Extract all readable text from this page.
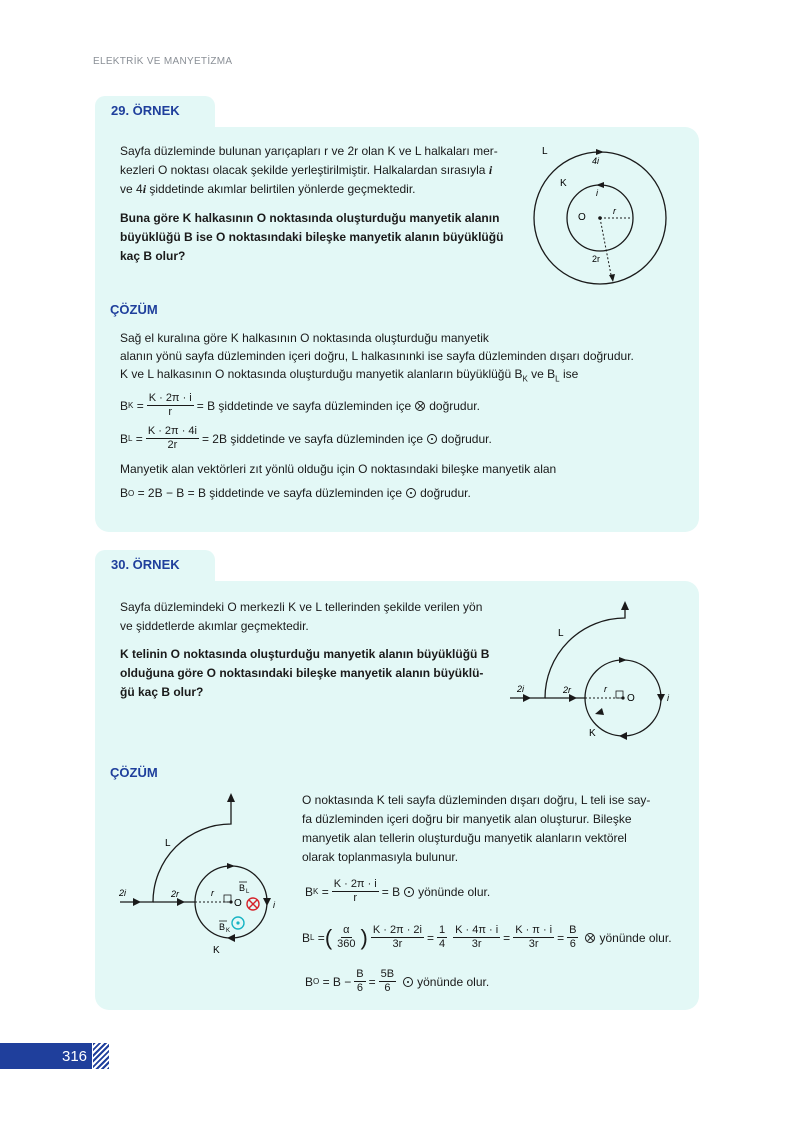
ELEKTRİK VE MANYETİZMA
29. ÖRNEK

Sayfa düzleminde bulunan yarıçapları r ve 2r olan K ve L halkaları mer-

kezleri O noktası olacak şekilde yerleştirilmiştir. Halkalardan sırasıyla i

ve 4i şiddetinde akımlar belirtilen yönlerde geçmektedir.

Buna göre K halkasının O noktasında oluşturduğu manyetik alanın

büyüklüğü B ise O noktasındaki bileşke manyetik alanın büyüklüğü

kaç B olur?

L
4i
K
i
O
r
2r
ÇÖZÜM

Sağ el kuralına göre K halkasının O noktasında oluşturduğu manyetik

alanın yönü sayfa düzleminden içeri doğru, L halkasınınki ise sayfa düzleminden dışarı doğrudur.

K ve L halkasının O noktasında oluşturduğu manyetik alanların büyüklüğü $B_K$ ve $B_L$ ise

B $K = \frac{K \cdot 2\pi \cdot i}{r} = B$ şiddetinde ve sayfa düzleminden içe doğrudur.
B $L = \frac{K \cdot 2\pi \cdot 4i}{2r} = 2B$ şiddetinde ve sayfa düzleminden içe doğrudur.

Manyetik alan vektörleri zıt yönlü olduğu için O noktasındaki bileşke manyetik alan

B O
= 2B − B = B şiddetinde ve sayfa düzleminden içe doğrudur.
30. ÖRNEK

Sayfa düzlemindeki O merkezli K ve L tellerinden şekilde verilen yön

ve şiddetlerde akımlar geçmektedir.

K telinin O noktasında oluşturduğu manyetik alanın büyüklüğü B

olduğuna göre O noktasındaki bileşke manyetik alanın büyüklü-

ğü kaç B olur?

L
2i	2r	r
O	i
K
ÇÖZÜM
L
2i	2r	r
O	i
K
B L
B K

O noktasında K teli sayfa düzleminden dışarı doğru, L teli ise say-

fa düzleminden içeri doğru bir manyetik alan oluşturur. Bileşke

manyetik alan tellerin oluşturduğu manyetik alanların vektörel

olarak toplanmasıyla bulunur.

B $K = \frac{K \cdot 2\pi \cdot i}{r} = B$ yönünde olur.
B L = ( $\frac{\alpha}{360}$ ) $\frac{K \cdot 2\pi \cdot 2i}{3r} = \frac{1}{4} \frac{K \cdot 4\pi \cdot i}{3r} = \frac{K \cdot \pi \cdot i}{3r} = \frac{B}{6}$ yönünde olur.
B O
= $B - \frac{B}{6} = \frac{5B}{6}$ yönünde olur.
316
